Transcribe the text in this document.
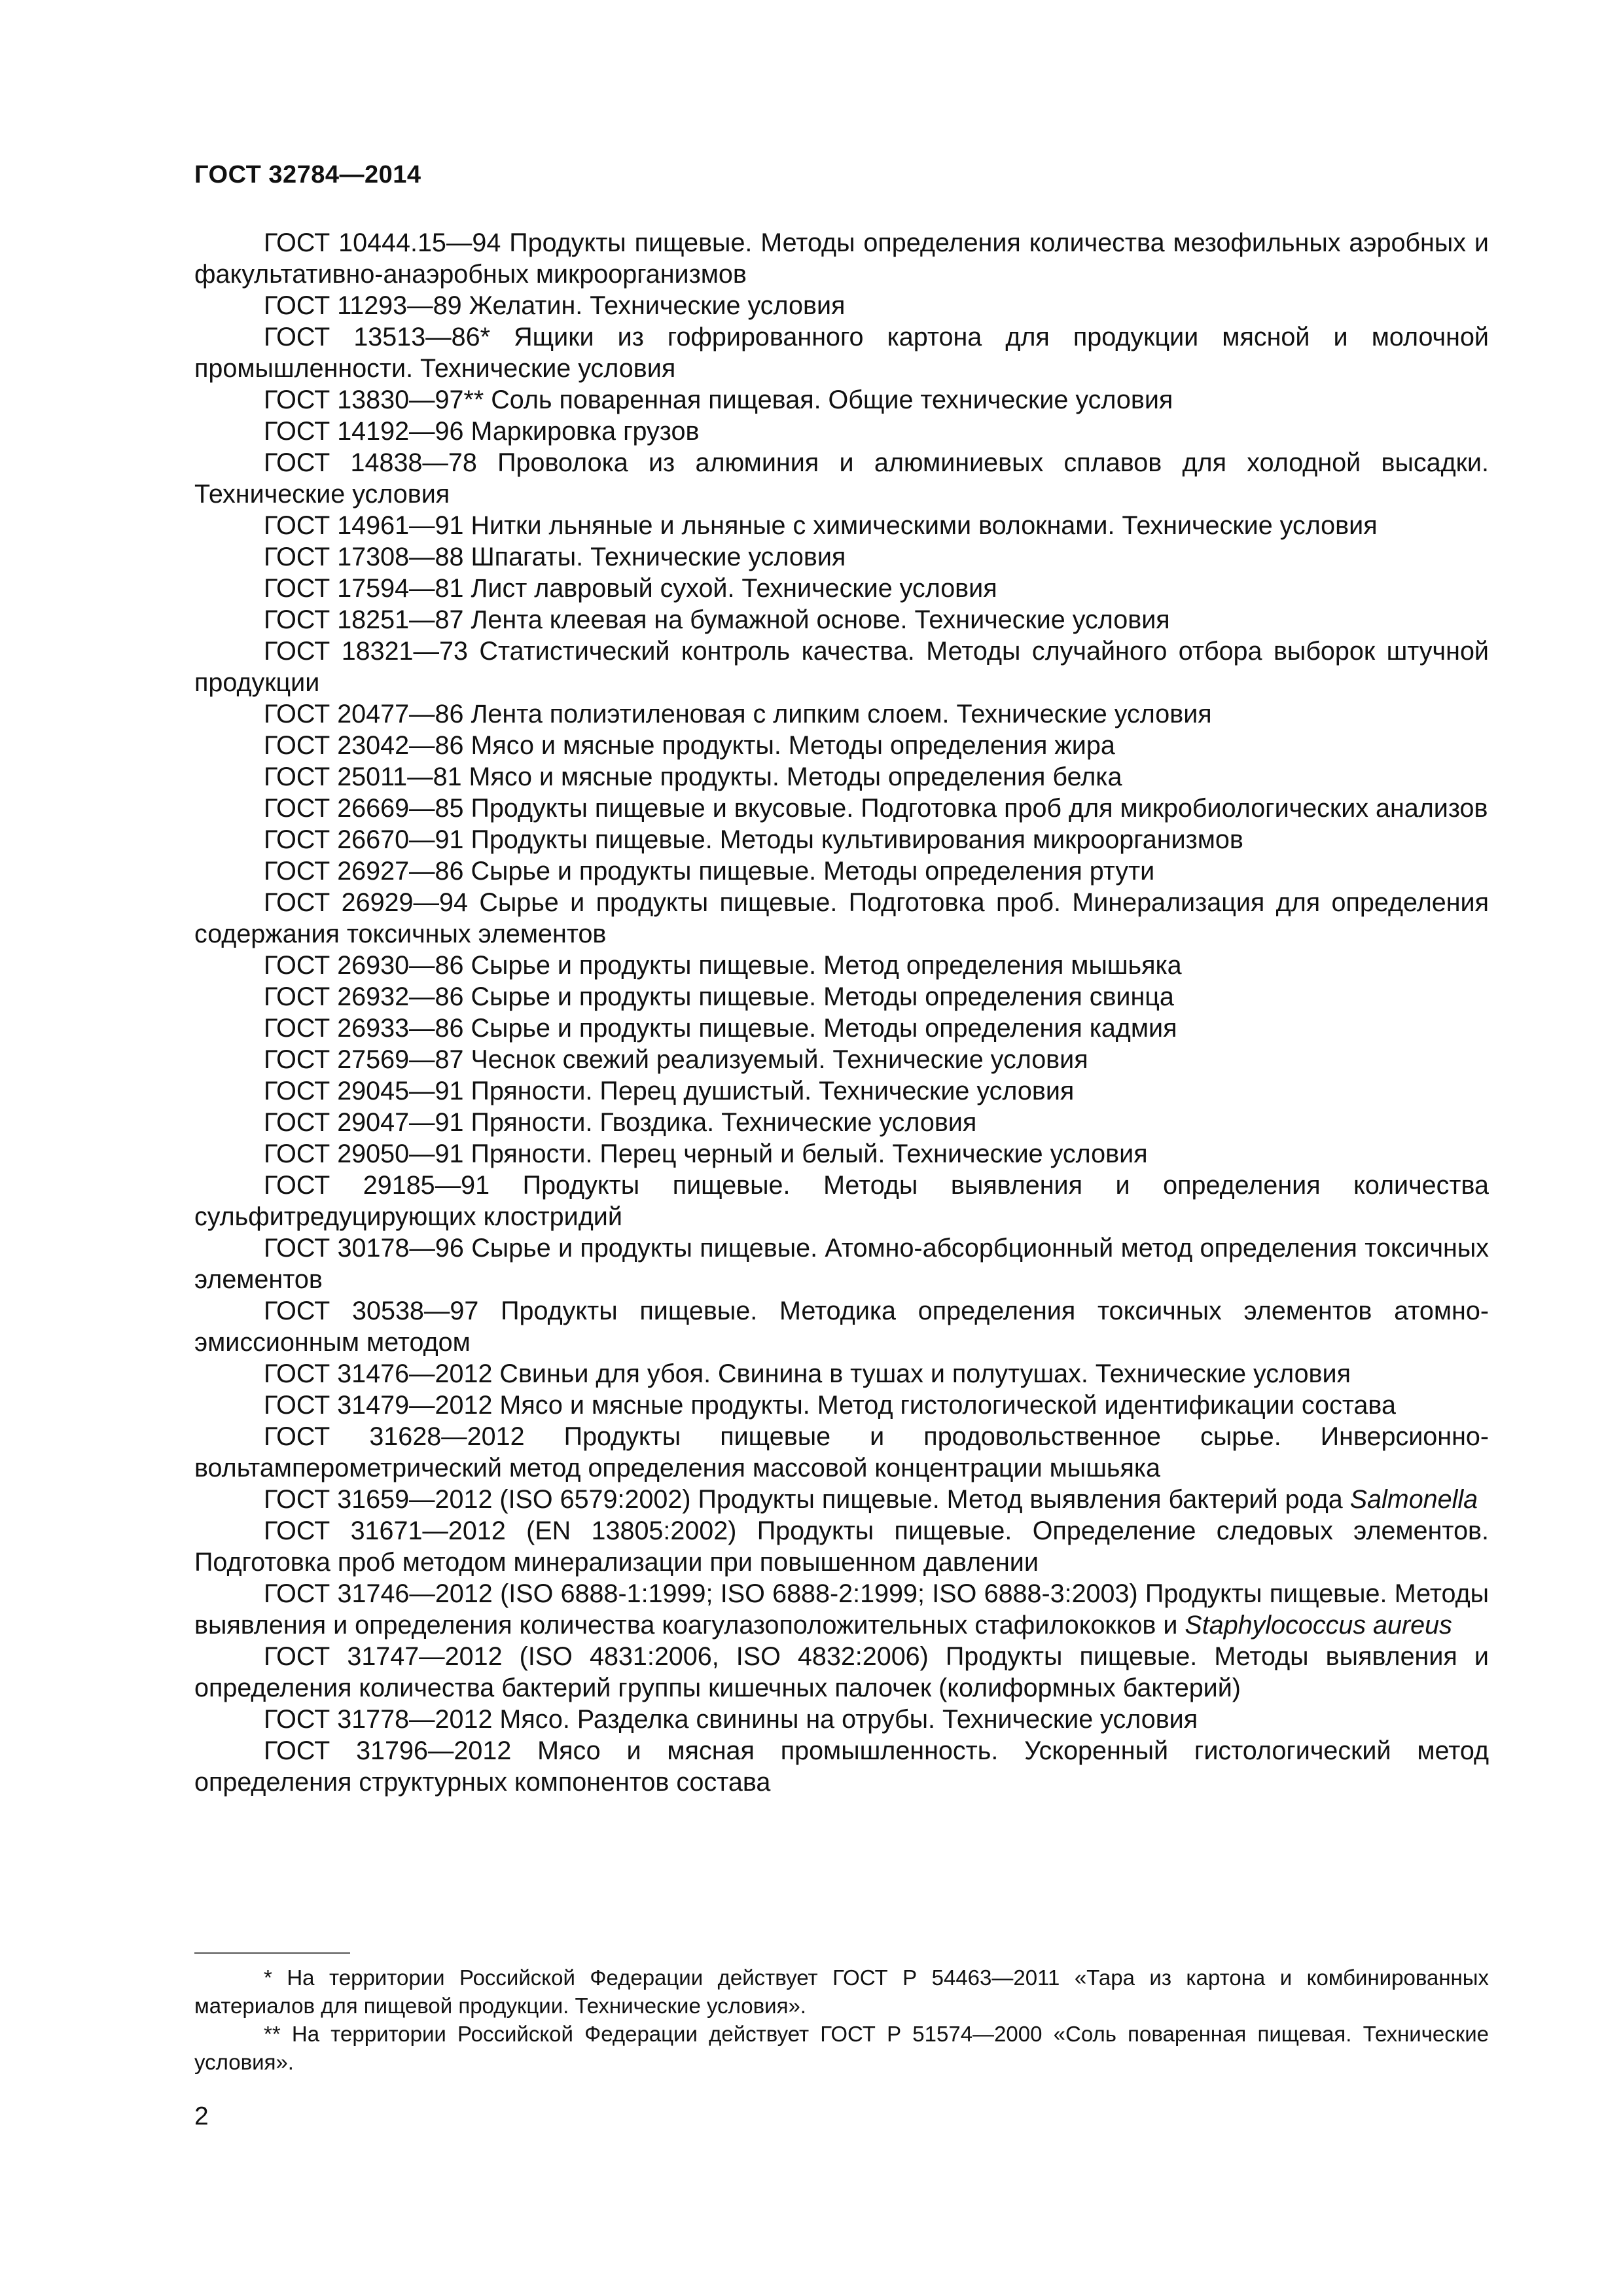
ГОСТ 32784—2014

ГОСТ 10444.15—94 Продукты пищевые. Методы определения количества мезофильных аэробных и факультативно-анаэробных микроорганизмов

ГОСТ 11293—89 Желатин. Технические условия

ГОСТ 13513—86* Ящики из гофрированного картона для продукции мясной и молочной промышленности. Технические условия

ГОСТ 13830—97** Соль поваренная пищевая. Общие технические условия

ГОСТ 14192—96 Маркировка грузов

ГОСТ 14838—78 Проволока из алюминия и алюминиевых сплавов для холодной высадки. Технические условия

ГОСТ 14961—91 Нитки льняные и льняные с химическими волокнами. Технические условия

ГОСТ 17308—88 Шпагаты. Технические условия

ГОСТ 17594—81 Лист лавровый сухой. Технические условия

ГОСТ 18251—87 Лента клеевая на бумажной основе. Технические условия

ГОСТ 18321—73 Статистический контроль качества. Методы случайного отбора выборок штучной продукции

ГОСТ 20477—86 Лента полиэтиленовая с липким слоем. Технические условия

ГОСТ 23042—86 Мясо и мясные продукты. Методы определения жира

ГОСТ 25011—81 Мясо и мясные продукты. Методы определения белка

ГОСТ 26669—85 Продукты пищевые и вкусовые. Подготовка проб для микробиологических анализов

ГОСТ 26670—91 Продукты пищевые. Методы культивирования микроорганизмов

ГОСТ 26927—86 Сырье и продукты пищевые. Методы определения ртути

ГОСТ 26929—94 Сырье и продукты пищевые. Подготовка проб. Минерализация для определения содержания токсичных элементов

ГОСТ 26930—86 Сырье и продукты пищевые. Метод определения мышьяка

ГОСТ 26932—86 Сырье и продукты пищевые. Методы определения свинца

ГОСТ 26933—86 Сырье и продукты пищевые. Методы определения кадмия

ГОСТ 27569—87 Чеснок свежий реализуемый. Технические условия

ГОСТ 29045—91 Пряности. Перец душистый. Технические условия

ГОСТ 29047—91 Пряности. Гвоздика. Технические условия

ГОСТ 29050—91 Пряности. Перец черный и белый. Технические условия

ГОСТ 29185—91 Продукты пищевые. Методы выявления и определения количества сульфитредуцирующих клостридий

ГОСТ 30178—96 Сырье и продукты пищевые. Атомно-абсорбционный метод определения токсичных элементов

ГОСТ 30538—97 Продукты пищевые. Методика определения токсичных элементов атомно-эмиссионным методом

ГОСТ 31476—2012 Свиньи для убоя. Свинина в тушах и полутушах. Технические условия

ГОСТ 31479—2012 Мясо и мясные продукты. Метод гистологической идентификации состава

ГОСТ 31628—2012 Продукты пищевые и продовольственное сырье. Инверсионно-вольтамперометрический метод определения массовой концентрации мышьяка

ГОСТ 31659—2012 (ISO 6579:2002) Продукты пищевые. Метод выявления бактерий рода Salmonella

ГОСТ 31671—2012 (EN 13805:2002) Продукты пищевые. Определение следовых элементов. Подготовка проб методом минерализации при повышенном давлении

ГОСТ 31746—2012 (ISO 6888-1:1999; ISO 6888-2:1999; ISO 6888-3:2003) Продукты пищевые. Методы выявления и определения количества коагулазоположительных стафилококков и Staphylococcus aureus

ГОСТ 31747—2012 (ISO 4831:2006, ISO 4832:2006) Продукты пищевые. Методы выявления и определения количества бактерий группы кишечных палочек (колиформных бактерий)

ГОСТ 31778—2012 Мясо. Разделка свинины на отрубы. Технические условия

ГОСТ 31796—2012 Мясо и мясная промышленность. Ускоренный гистологический метод определения структурных компонентов состава

* На территории Российской Федерации действует ГОСТ Р 54463—2011 «Тара из картона и комбинированных материалов для пищевой продукции. Технические условия».

** На территории Российской Федерации действует ГОСТ Р 51574—2000 «Соль поваренная пищевая. Технические условия».

2
